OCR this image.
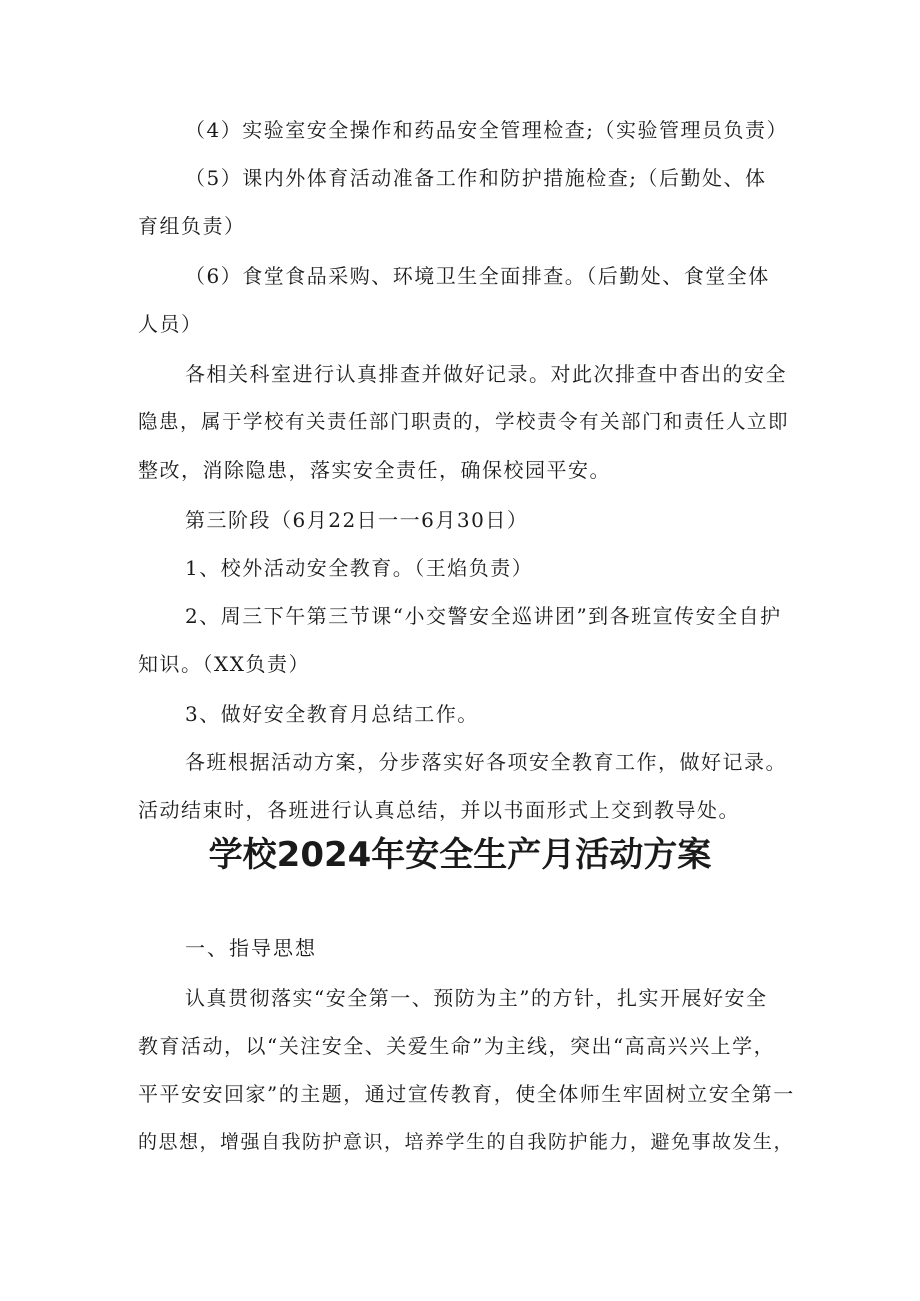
（4）实验室安全操作和药品安全管理检查;（实验管理员负责）

（5）课内外体育活动准备工作和防护措施检查;（后勤处、体

育组负责）

（6）食堂食品采购、环境卫生全面排查。（后勤处、食堂全体

人员）

各相关科室进行认真排查并做好记录。对此次排查中杳出的安全

隐患，属于学校有关责任部门职责的，学校责令有关部门和责任人立即

整改，消除隐患，落实安全责任，确保校园平安。

第三阶段（6月22日一一6月30日）

1、校外活动安全教育。（王焰负责）

2、周三下午第三节课“小交警安全巡讲团”到各班宣传安全自护

知识。（XX负责）

3、做好安全教育月总结工作。

各班根据活动方案，分步落实好各项安全教育工作，做好记录。

活动结束时，各班进行认真总结，并以书面形式上交到教导处。

学校2024年安全生产月活动方案

一、指导思想

认真贯彻落实“安全第一、预防为主”的方针，扎实开展好安全

教育活动，以“关注安全、关爱生命”为主线，突出“高高兴兴上学，

平平安安回家”的主题，通过宣传教育，使全体师生牢固树立安全第一

的思想，增强自我防护意识，培养学生的自我防护能力，避免事故发生，
